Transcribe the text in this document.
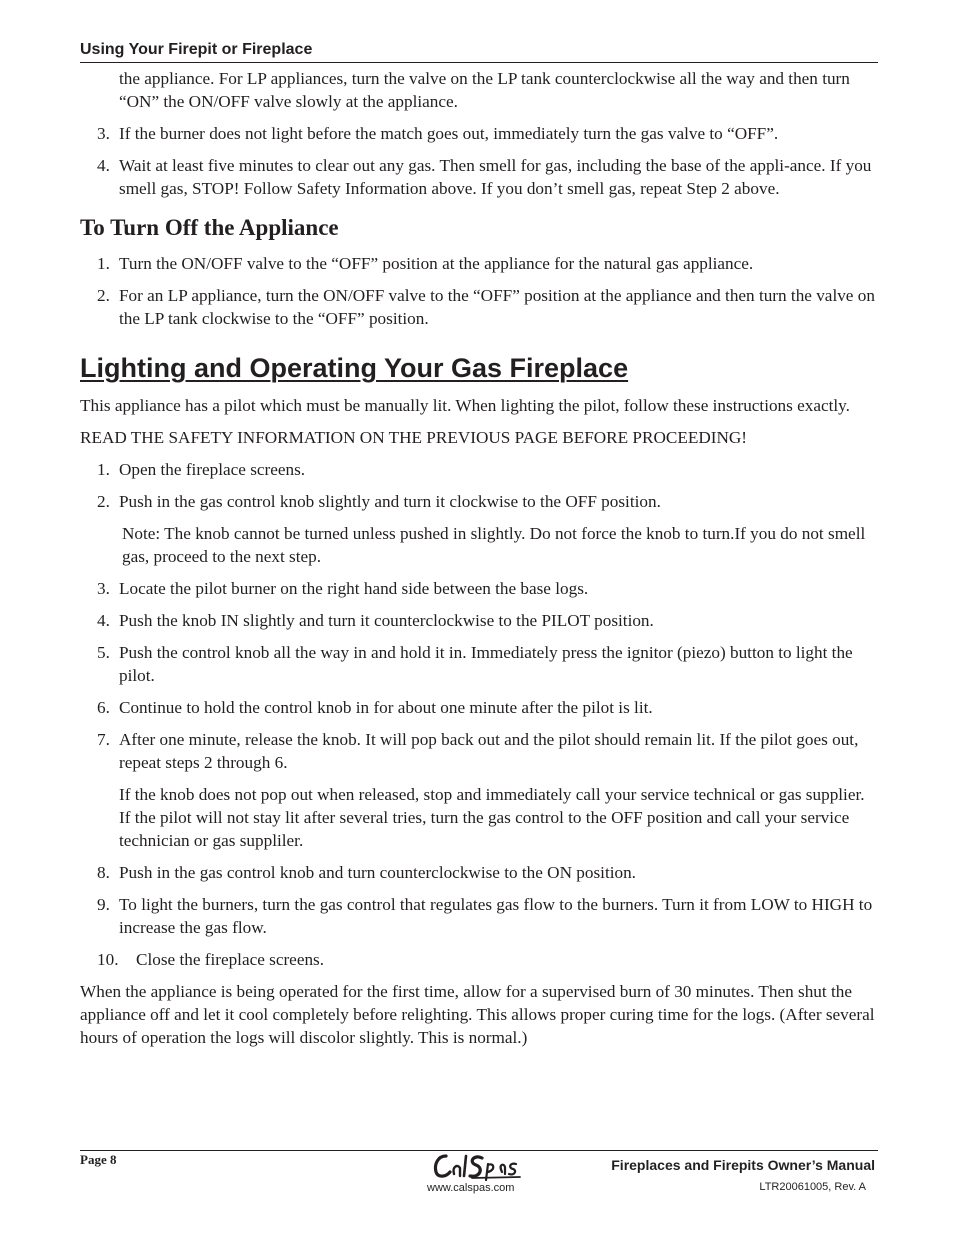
Using Your Firepit or Fireplace

the appliance. For LP appliances, turn the valve on the LP tank counterclockwise all the way and then turn “ON” the ON/OFF valve slowly at the appliance.

3. If the burner does not light before the match goes out, immediately turn the gas valve to “OFF”.
4. Wait at least five minutes to clear out any gas. Then smell for gas, including the base of the appli-ance. If you smell gas, STOP! Follow Safety Information above. If you don’t smell gas, repeat Step 2 above.
To Turn Off the Appliance
1. Turn the ON/OFF valve to the “OFF” position at the appliance for the natural gas appliance.
2. For an LP appliance, turn the ON/OFF valve to the “OFF” position at the appliance and then turn the valve on the LP tank clockwise to the “OFF” position.
Lighting and Operating Your Gas Fireplace

This appliance has a pilot which must be manually lit. When lighting the pilot, follow these instructions exactly.

READ THE SAFETY INFORMATION ON THE PREVIOUS PAGE BEFORE PROCEEDING!

1. Open the fireplace screens.
2. Push in the gas control knob slightly and turn it clockwise to the OFF position.

Note: The knob cannot be turned unless pushed in slightly. Do not force the knob to turn.If you do not smell gas, proceed to the next step.

3. Locate the pilot burner on the right hand side between the base logs.
4. Push the knob IN slightly and turn it counterclockwise to the PILOT position.
5. Push the control knob all the way in and hold it in. Immediately press the ignitor (piezo) button to light the pilot.
6. Continue to hold the control knob in for about one minute after the pilot is lit.
7. After one minute, release the knob. It will pop back out and the pilot should remain lit. If the pilot goes out, repeat steps 2 through 6.

If the knob does not pop out when released, stop and immediately call your service technical or gas supplier. If the pilot will not stay lit after several tries, turn the gas control to the OFF position and call your service technician or gas suppliler.

8. Push in the gas control knob and turn counterclockwise to the ON position.
9. To light the burners, turn the gas control that regulates gas flow to the burners. Turn it from LOW to HIGH to increase the gas flow.
10. Close the fireplace screens.

When the appliance is being operated for the first time, allow for a supervised burn of 30 minutes. Then shut the appliance off and let it cool completely before relighting. This allows proper curing time for the logs. (After several hours of operation the logs will discolor slightly. This is normal.)

Page 8
www.calspas.com
Fireplaces and Firepits Owner’s Manual
LTR20061005, Rev. A
